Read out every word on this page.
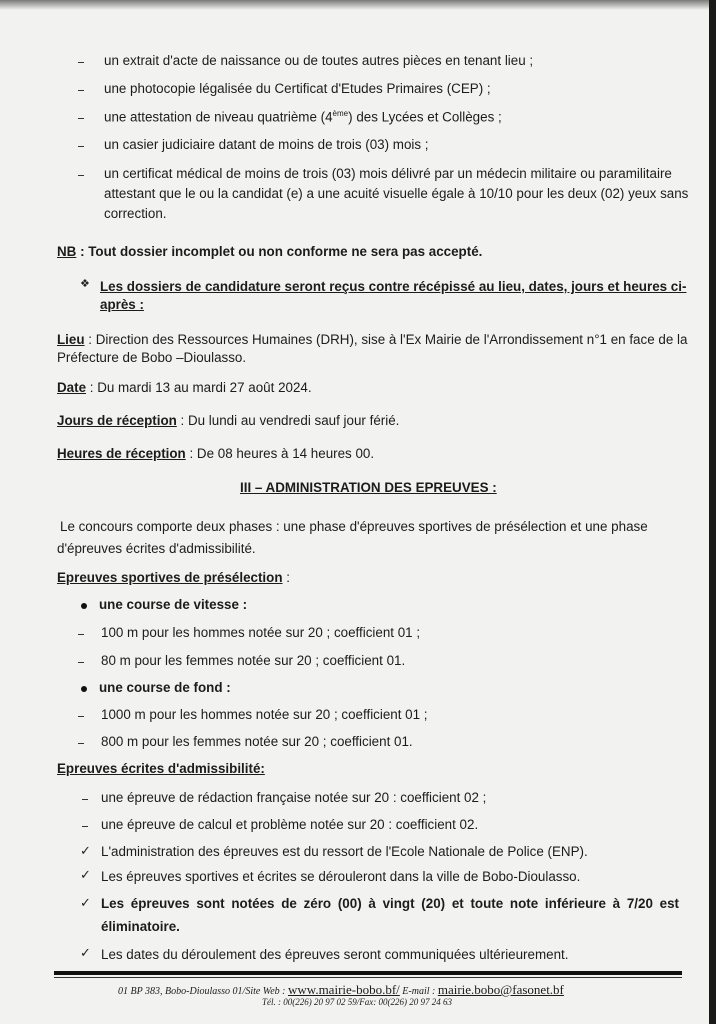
un extrait d'acte de naissance ou de toutes autres pièces en tenant lieu ;
une photocopie légalisée du Certificat d'Etudes Primaires (CEP) ;
une attestation de niveau quatrième (4ème) des Lycées et Collèges ;
un casier judiciaire datant de moins de trois (03) mois ;
un certificat médical de moins de trois (03) mois délivré par un médecin militaire ou paramilitaire
attestant que le ou la candidat (e) a une acuité visuelle égale à 10/10 pour les deux (02) yeux sans
correction.
NB : Tout dossier incomplet ou non conforme ne sera pas accepté.
❖ Les dossiers de candidature seront reçus contre récépissé au lieu, dates, jours et heures ci-
après :
Lieu : Direction des Ressources Humaines (DRH), sise à l'Ex Mairie de l'Arrondissement n°1 en face de la
Préfecture de Bobo –Dioulasso.
Date : Du mardi 13 au mardi 27 août 2024.
Jours de réception : Du lundi au vendredi sauf jour férié.
Heures de réception : De 08 heures à 14 heures 00.
III – ADMINISTRATION DES EPREUVES :
Le concours comporte deux phases : une phase d'épreuves sportives de présélection et une phase
d'épreuves écrites d'admissibilité.
Epreuves sportives de présélection :
une course de vitesse :
100 m pour les hommes notée sur 20 ; coefficient 01 ;
80 m pour les femmes notée sur 20 ; coefficient 01.
une course de fond :
1000 m pour les hommes notée sur 20 ; coefficient 01 ;
800 m pour les femmes notée sur 20 ; coefficient 01.
Epreuves écrites d'admissibilité:
une épreuve de rédaction française notée sur 20 : coefficient 02 ;
une épreuve de calcul et problème notée sur 20 : coefficient 02.
✓ L'administration des épreuves est du ressort de l'Ecole Nationale de Police (ENP).
✓ Les épreuves sportives et écrites se dérouleront dans la ville de Bobo-Dioulasso.
✓ Les épreuves sont notées de zéro (00) à vingt (20) et toute note inférieure à 7/20 est
éliminatoire.
✓ Les dates du déroulement des épreuves seront communiquées ultérieurement.
01 BP 383, Bobo-Dioulasso 01/Site Web : www.mairie-bobo.bf/ E-mail : mairie.bobo@fasonet.bf
Tél. : 00(226) 20 97 02 59/Fax: 00(226) 20 97 24 63
